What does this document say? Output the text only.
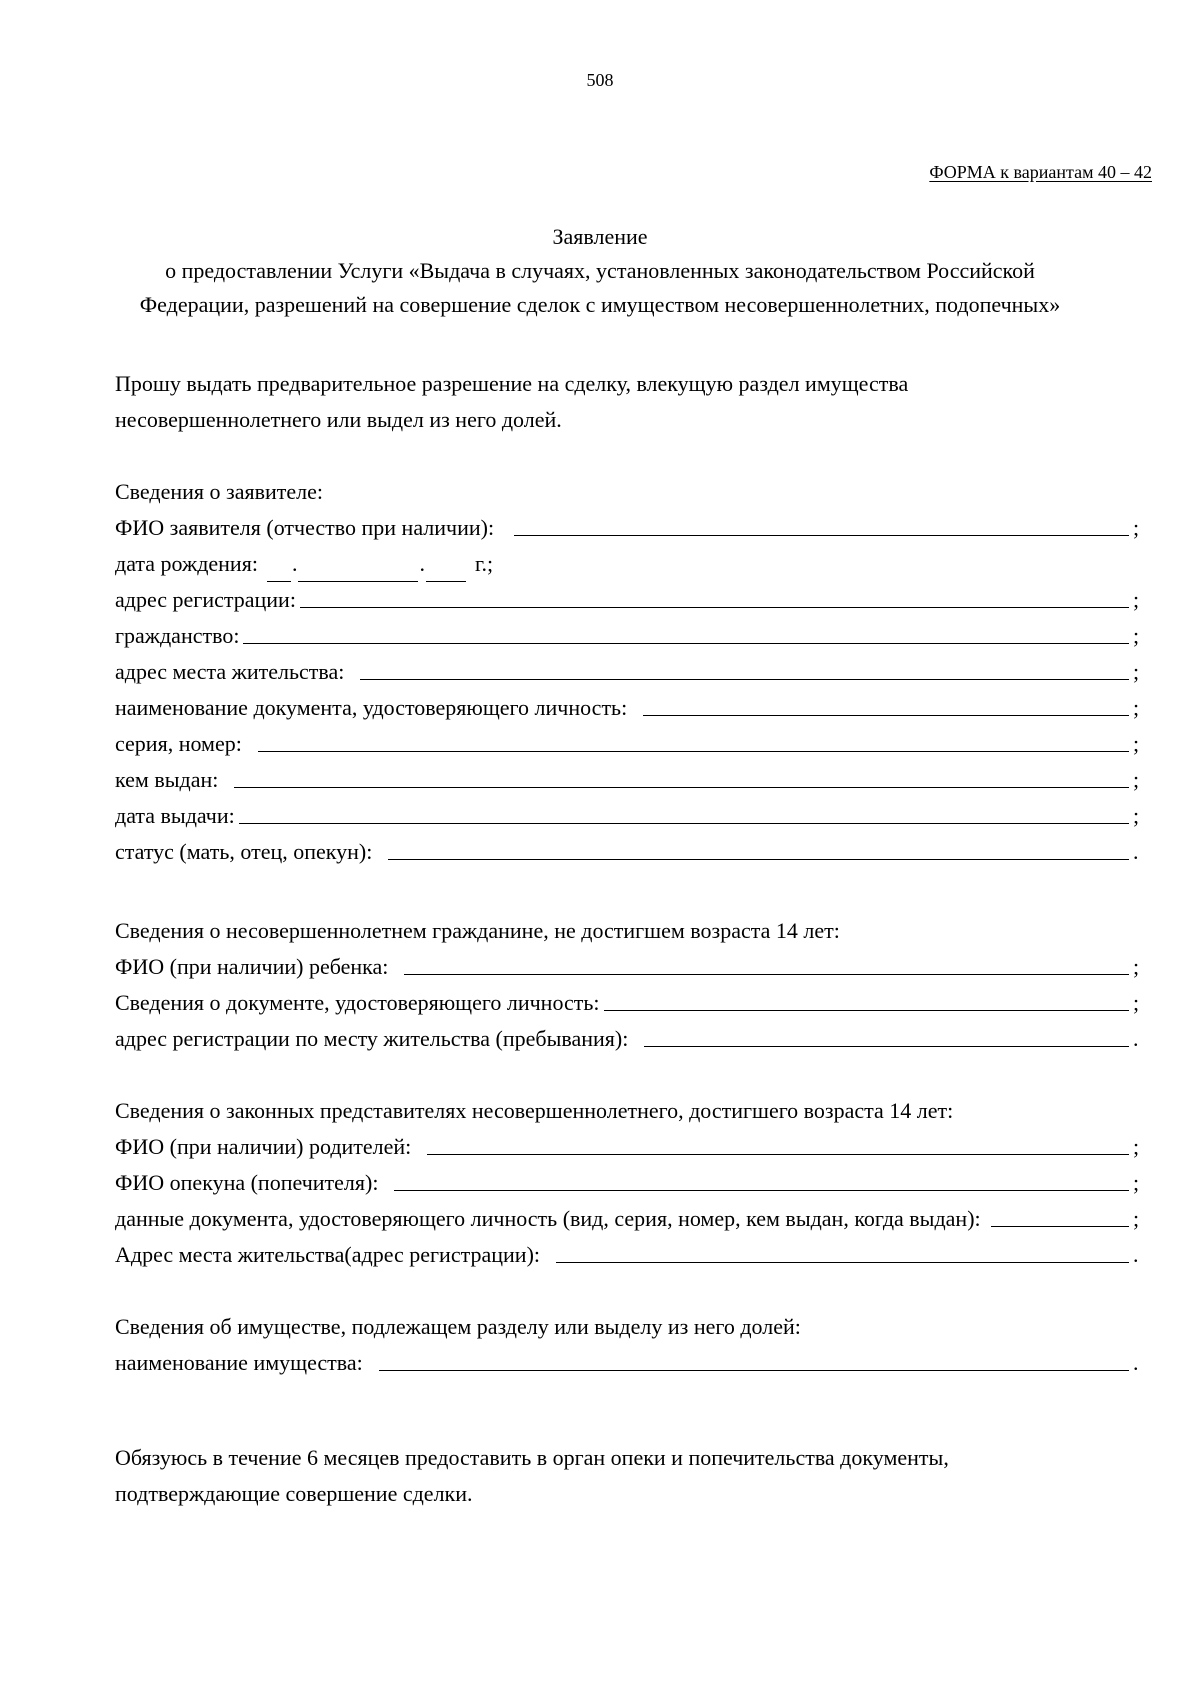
508
ФОРМА к вариантам 40 – 42
Заявление
о предоставлении Услуги «Выдача в случаях, установленных законодательством Российской
Федерации, разрешений на совершение сделок с имуществом несовершеннолетних, подопечных»
Прошу выдать предварительное разрешение на сделку, влекущую раздел имущества несовершеннолетнего или выдел из него долей.
Сведения о заявителе:
ФИО заявителя (отчество при наличии):	;
дата рождения: .	. г.;
адрес регистрации:	;
гражданство:	;
адрес места жительства:	;
наименование документа, удостоверяющего личность:	;
серия, номер:	;
кем выдан:	;
дата выдачи:	;
статус (мать, отец, опекун):	.
Сведения о несовершеннолетнем гражданине, не достигшем возраста 14 лет:
ФИО (при наличии) ребенка:	;
Сведения о документе, удостоверяющего личность:	;
адрес регистрации по месту жительства (пребывания):	.
Сведения о законных представителях несовершеннолетнего, достигшего возраста 14 лет:
ФИО (при наличии) родителей:	;
ФИО опекуна (попечителя):	;
данные документа, удостоверяющего личность (вид, серия, номер, кем выдан, когда выдан):	;
Адрес места жительства(адрес регистрации):	.
Сведения об имуществе, подлежащем разделу или выделу из него долей:
наименование имущества:	.
Обязуюсь в течение 6 месяцев предоставить в орган опеки и попечительства документы, подтверждающие совершение сделки.
